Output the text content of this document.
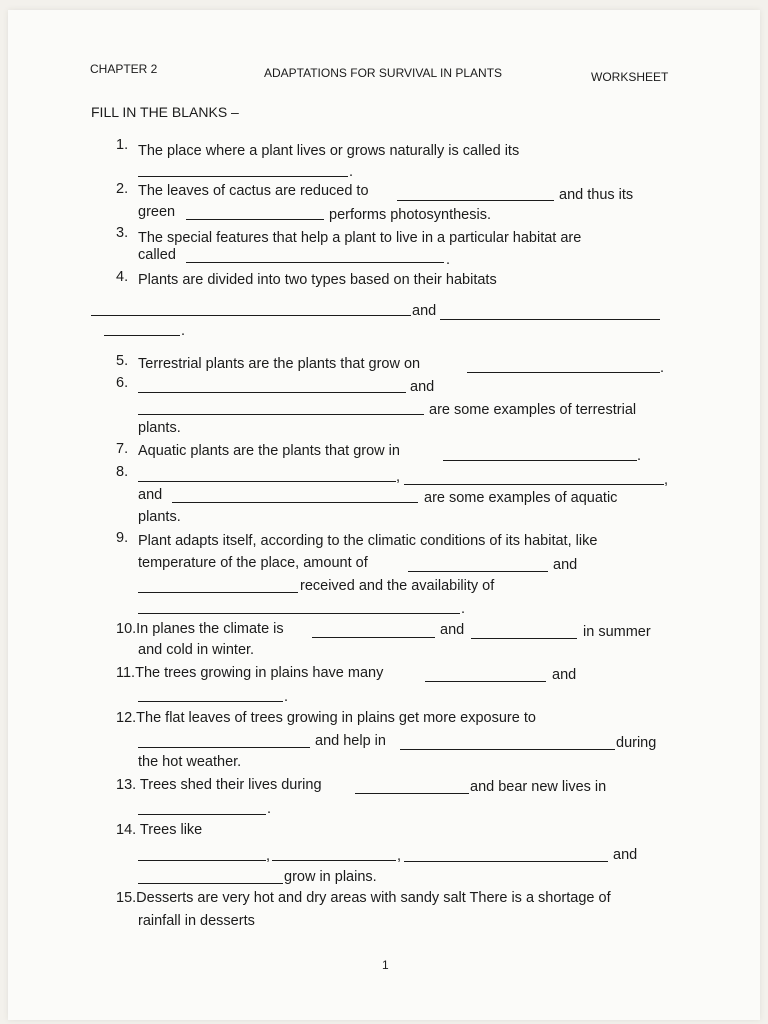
CHAPTER 2	ADAPTATIONS FOR SURVIVAL IN PLANTS	WORKSHEET
FILL IN THE BLANKS –
1. The place where a plant lives or grows naturally is called its
.
2. The leaves of cactus are reduced to	and thus its
green	performs photosynthesis.
3. The special features that help a plant to live in a particular habitat are
called	.
4. Plants are divided into two types based on their habitats
and
.
5. Terrestrial plants are the plants that grow on	.
6.	and
are some examples of terrestrial
plants.
7. Aquatic plants are the plants that grow in	.
8.	,	,
and	are some examples of aquatic
plants.
9. Plant adapts itself, according to the climatic conditions of its habitat, like
temperature of the place, amount of	and
received and the availability of
.
10.In planes the climate is	and	in summer
and cold in winter.
11.The trees growing in plains have many	and
.
12.The flat leaves of trees growing in plains get more exposure to
and help in	during
the hot weather.
13. Trees shed their lives during	and bear new lives in
.
14. Trees like
,	,	and
grow in plains.
15.Desserts are very hot and dry areas with sandy salt There is a shortage of
rainfall in desserts
1
